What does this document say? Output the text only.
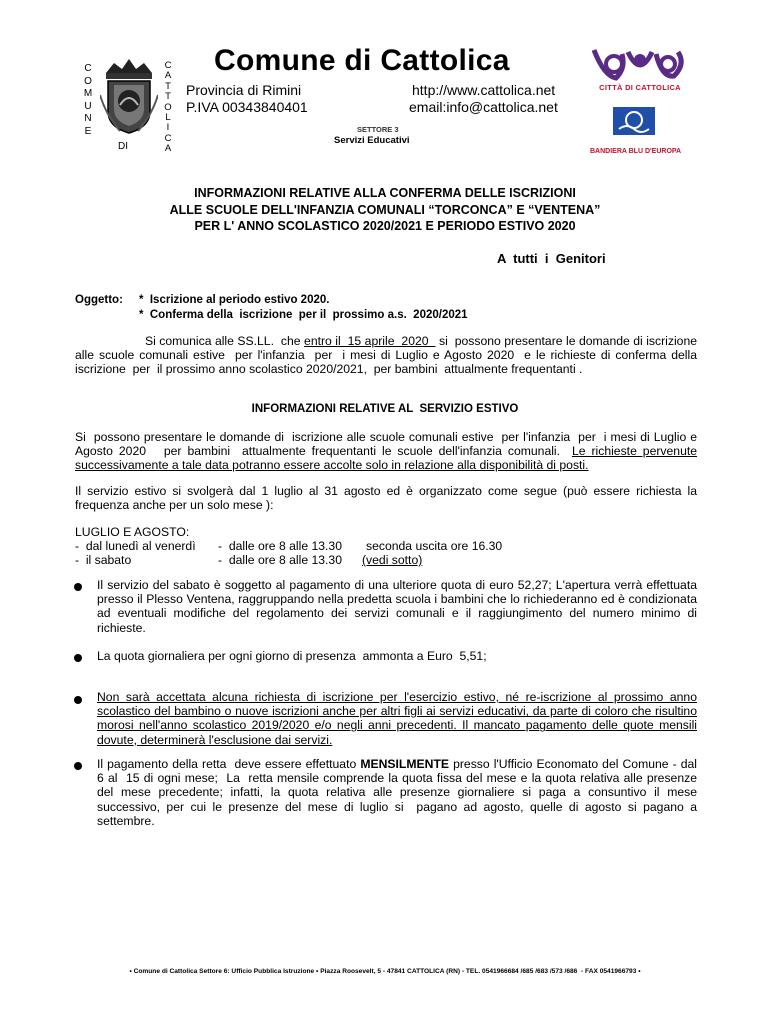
C
O
M
U
N
E
C
A
T
T
O
L
I
C
A
DI
Comune di Cattolica
Provincia di Rimini
P.IVA 00343840401
http://www.cattolica.net
email:info@cattolica.net
SETTORE 3
Servizi Educativi
CITTÀ DI CATTOLICA
BANDIERA BLU D'EUROPA
INFORMAZIONI RELATIVE ALLA CONFERMA DELLE ISCRIZIONI
ALLE SCUOLE DELL'INFANZIA COMUNALI “TORCONCA” E “VENTENA”
PER L' ANNO SCOLASTICO 2020/2021 E PERIODO ESTIVO 2020
A  tutti  i  Genitori
Oggetto: *  Iscrizione al periodo estivo 2020.
*  Conferma della  iscrizione  per il  prossimo a.s.  2020/2021

Si comunica alle SS.LL.  che entro il  15 aprile  2020   si  possono presentare le domande di iscrizione alle scuole comunali estive  per l'infanzia  per  i mesi di Luglio e Agosto 2020  e le richieste di conferma della iscrizione  per  il prossimo anno scolastico 2020/2021,  per bambini  attualmente frequentanti .

INFORMAZIONI RELATIVE AL  SERVIZIO ESTIVO

Si  possono presentare le domande di  iscrizione alle scuole comunali estive  per l'infanzia  per  i mesi di Luglio e Agosto 2020   per bambini  attualmente frequentanti le scuole dell'infanzia comunali.  Le richieste pervenute successivamente a tale data potranno essere accolte solo in relazione alla disponibilità di posti.

Il servizio estivo si svolgerà dal 1 luglio al 31 agosto ed è organizzato come segue (può essere richiesta la frequenza anche per un solo mese ):

LUGLIO E AGOSTO:
-  dal lunedì al venerdì -  dalle ore 8 alle 13.30 seconda uscita ore 16.30
-  il sabato	-  dalle ore 8 alle 13.30 (vedi sotto)

Il servizio del sabato è soggetto al pagamento di una ulteriore quota di euro 52,27; L'apertura verrà effettuata presso il Plesso Ventena, raggruppando nella predetta scuola i bambini che lo richiederanno ed è condizionata ad eventuali modifiche del regolamento dei servizi comunali e il raggiungimento del numero minimo di richieste.

La quota giornaliera per ogni giorno di presenza  ammonta a Euro  5,51;

Non sarà accettata alcuna richiesta di iscrizione per l'esercizio estivo, né re-iscrizione al prossimo anno scolastico del bambino o nuove iscrizioni anche per altri figli ai servizi educativi, da parte di coloro che risultino morosi nell'anno scolastico 2019/2020 e/o negli anni precedenti. Il mancato pagamento delle quote mensili dovute, determinerà l'esclusione dai servizi.

Il pagamento della retta  deve essere effettuato MENSILMENTE presso l'Ufficio Economato del Comune - dal  6 al  15 di ogni mese;  La  retta mensile comprende la quota fissa del mese e la quota relativa alle presenze del mese precedente; infatti, la quota relativa alle presenze giornaliere si paga a consuntivo il mese successivo, per cui le presenze del mese di luglio si  pagano ad agosto, quelle di agosto si pagano a settembre.

• Comune di Cattolica Settore 6: Ufficio Pubblica Istruzione • Piazza Roosevelt, 5 - 47841 CATTOLICA (RN) - TEL. 0541966684 /685 /683 /573 /686  - FAX 0541966793 •
